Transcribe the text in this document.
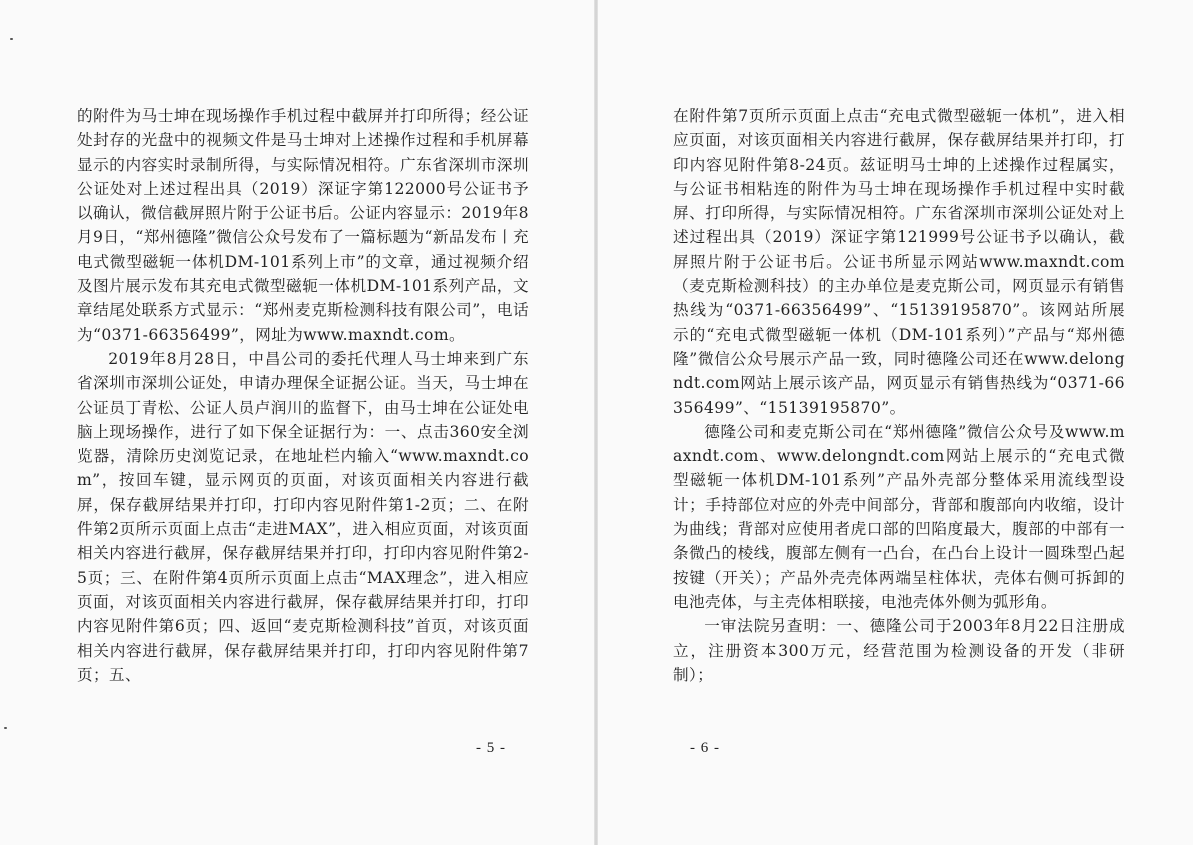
的附件为马士坤在现场操作手机过程中截屏并打印所得；经公证处封存的光盘中的视频文件是马士坤对上述操作过程和手机屏幕显示的内容实时录制所得，与实际情况相符。广东省深圳市深圳公证处对上述过程出具（2019）深证字第122000号公证书予以确认，微信截屏照片附于公证书后。公证内容显示：2019年8月9日，“郑州德隆”微信公众号发布了一篇标题为“新品发布丨充电式微型磁轭一体机DM-101系列上市”的文章，通过视频介绍及图片展示发布其充电式微型磁轭一体机DM-101系列产品，文章结尾处联系方式显示：“郑州麦克斯检测科技有限公司”，电话为“0371-66356499”，网址为www.maxndt.com。

2019年8月28日，中昌公司的委托代理人马士坤来到广东省深圳市深圳公证处，申请办理保全证据公证。当天，马士坤在公证员丁青松、公证人员卢润川的监督下，由马士坤在公证处电脑上现场操作，进行了如下保全证据行为：一、点击360安全浏览器，清除历史浏览记录，在地址栏内输入“www.maxndt.com”，按回车键，显示网页的页面，对该页面相关内容进行截屏，保存截屏结果并打印，打印内容见附件第1-2页；二、在附件第2页所示页面上点击“走进MAX”，进入相应页面，对该页面相关内容进行截屏，保存截屏结果并打印，打印内容见附件第2-5页；三、在附件第4页所示页面上点击“MAX理念”，进入相应页面，对该页面相关内容进行截屏，保存截屏结果并打印，打印内容见附件第6页；四、返回“麦克斯检测科技”首页，对该页面相关内容进行截屏，保存截屏结果并打印，打印内容见附件第7页；五、

- 5 -

在附件第7页所示页面上点击“充电式微型磁轭一体机”，进入相应页面，对该页面相关内容进行截屏，保存截屏结果并打印，打印内容见附件第8-24页。兹证明马士坤的上述操作过程属实，与公证书相粘连的附件为马士坤在现场操作手机过程中实时截屏、打印所得，与实际情况相符。广东省深圳市深圳公证处对上述过程出具（2019）深证字第121999号公证书予以确认，截屏照片附于公证书后。公证书所显示网站www.maxndt.com（麦克斯检测科技）的主办单位是麦克斯公司，网页显示有销售热线为“0371-66356499”、“15139195870”。该网站所展示的“充电式微型磁轭一体机（DM-101系列）”产品与“郑州德隆”微信公众号展示产品一致，同时德隆公司还在www.delongndt.com网站上展示该产品，网页显示有销售热线为“0371-66356499”、“15139195870”。

德隆公司和麦克斯公司在“郑州德隆”微信公众号及www.maxndt.com、www.delongndt.com网站上展示的“充电式微型磁轭一体机DM-101系列”产品外壳部分整体采用流线型设计；手持部位对应的外壳中间部分，背部和腹部向内收缩，设计为曲线；背部对应使用者虎口部的凹陷度最大，腹部的中部有一条微凸的棱线，腹部左侧有一凸台，在凸台上设计一圆珠型凸起按键（开关）；产品外壳壳体两端呈柱体状，壳体右侧可拆卸的电池壳体，与主壳体相联接，电池壳体外侧为弧形角。

一审法院另查明：一、德隆公司于2003年8月22日注册成立，注册资本300万元，经营范围为检测设备的开发（非研制）；

- 6 -
